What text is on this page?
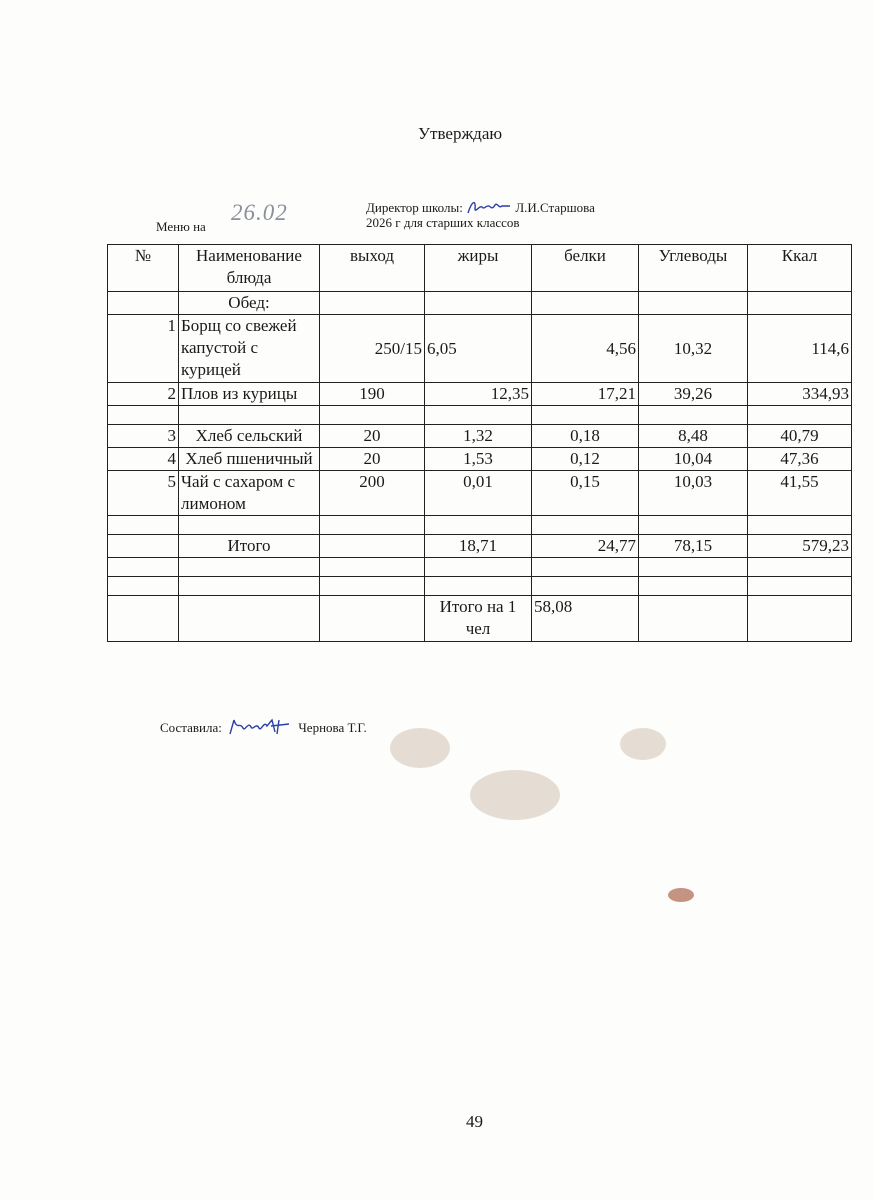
Утверждаю
Директор школы:	Л.И.Старшова
2026 г для старших классов
Меню на
26.02
№	Наименование блюда	выход	жиры	белки	Углеводы	Ккал
	Обед:					
1	Борщ со свежей капустой с курицей	250/15	6,05	4,56	10,32	114,6
2	Плов из курицы	190	12,35	17,21	39,26	334,93

3	Хлеб сельский	20	1,32	0,18	8,48	40,79
4	Хлеб пшеничный	20	1,53	0,12	10,04	47,36
5	Чай с сахаром с лимоном	200	0,01	0,15	10,03	41,55

	Итого		18,71	24,77	78,15	579,23

			Итого на 1 чел	58,08		
Составила:	Чернова Т.Г.
49
